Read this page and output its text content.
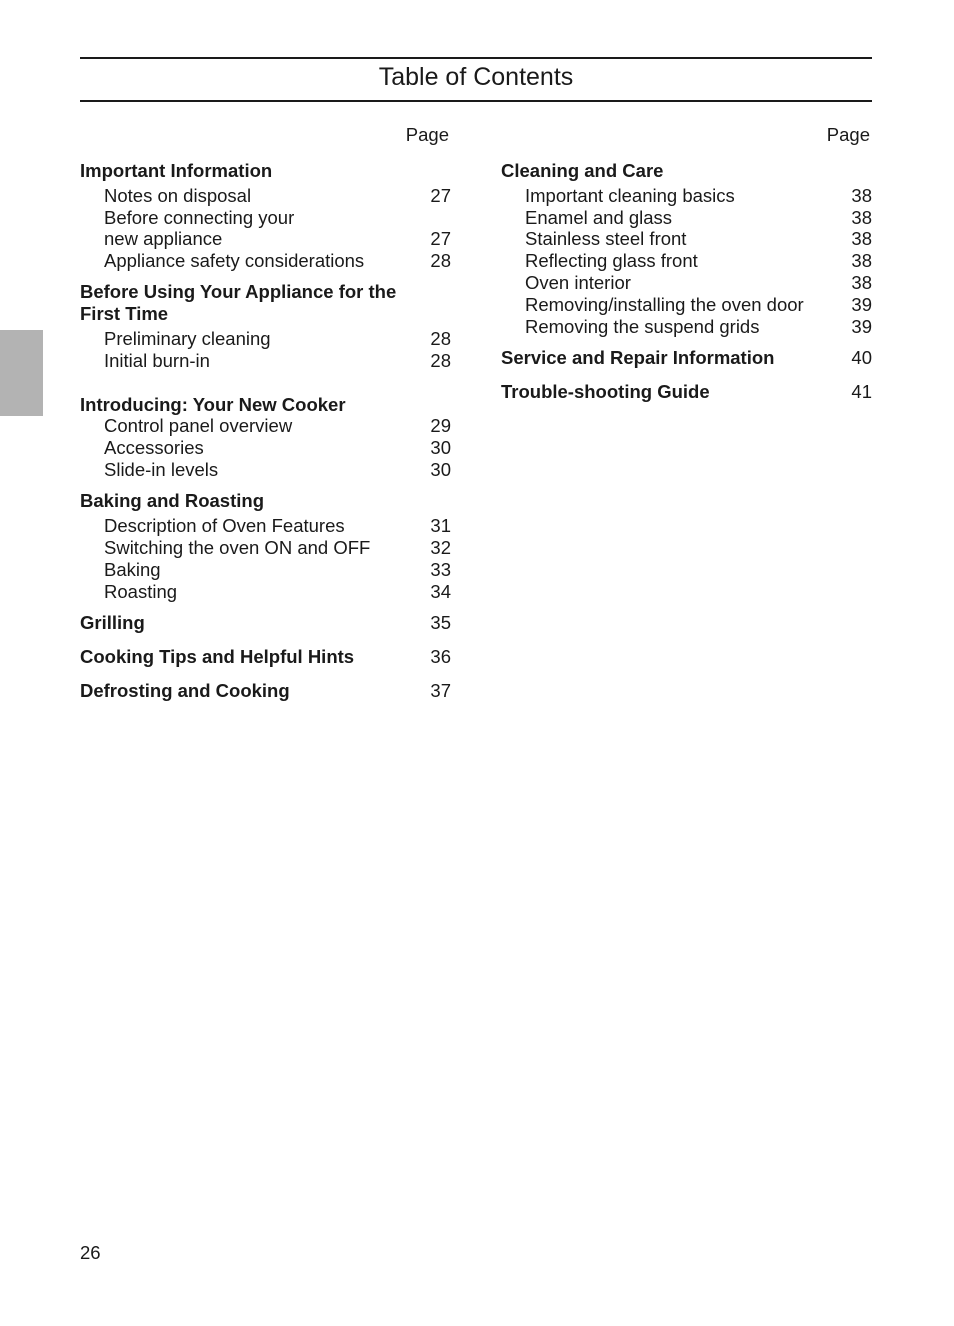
Table of Contents
Page	Page
Important Information
Notes on disposal	27
Before connecting your
new appliance	27
Appliance safety considerations	28
Before Using Your Appliance for the
First Time
Preliminary cleaning	28
Initial burn-in	28
Introducing: Your New Cooker
Control panel overview	29
Accessories	30
Slide-in levels	30
Baking and Roasting
Description of Oven Features	31
Switching the oven ON and OFF	32
Baking	33
Roasting	34
Grilling	35
Cooking Tips and Helpful Hints	36
Defrosting and Cooking	37
Cleaning and Care
Important cleaning basics	38
Enamel and glass	38
Stainless steel front	38
Reflecting glass front	38
Oven interior	38
Removing/installing the oven door	39
Removing the suspend grids	39
Service and Repair Information	40
Trouble-shooting Guide	41
26
